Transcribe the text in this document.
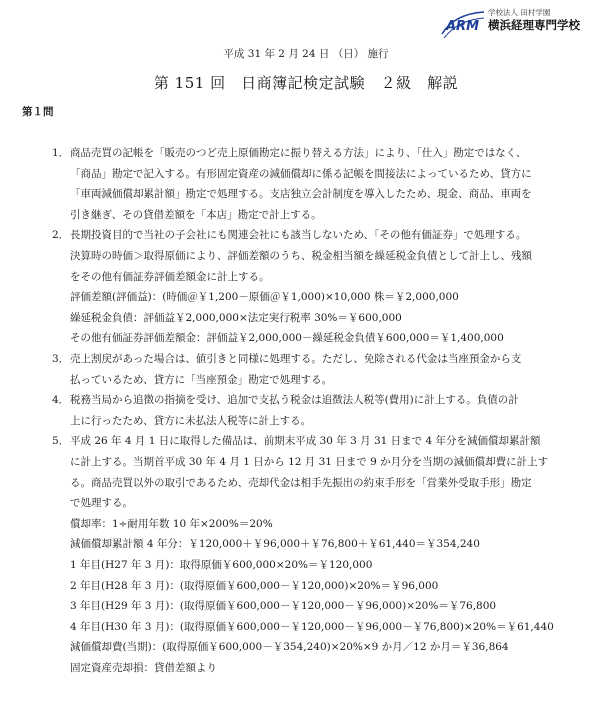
ARM
学校法人 田村学園
横浜経理専門学校
平成 31 年 2 月 24 日 （日） 施行
第 151 回　日商簿記検定試験　２級　解説
第１問
1．商品売買の記帳を「販売のつど売上原価勘定に振り替える方法」により、「仕入」勘定ではなく、
「商品」勘定で記入する。有形固定資産の減価償却に係る記帳を間接法によっているため、貸方に
「車両減価償却累計額」勘定で処理する。支店独立会計制度を導入したため、現金、商品、車両を
引き継ぎ、その貸借差額を「本店」勘定で計上する。
2．長期投資目的で当社の子会社にも関連会社にも該当しないため、「その他有価証券」で処理する。
決算時の時価＞取得原価により、評価差額のうち、税金相当額を繰延税金負債として計上し、残額
をその他有価証券評価差額金に計上する。
評価差額(評価益)：(時価＠￥1,200－原価＠￥1,000)×10,000 株＝￥2,000,000
繰延税金負債：評価益￥2,000,000×法定実行税率 30%＝￥600,000
その他有価証券評価差額金：評価益￥2,000,000－繰延税金負債￥600,000＝￥1,400,000
3．売上割戻があった場合は、値引きと同様に処理する。ただし、免除される代金は当座預金から支
払っているため、貸方に「当座預金」勘定で処理する。
4．税務当局から追徴の指摘を受け、追加で支払う税金は追徴法人税等(費用)に計上する。負債の計
上に行ったため、貸方に未払法人税等に計上する。
5．平成 26 年 4 月 1 日に取得した備品は、前期末平成 30 年 3 月 31 日まで 4 年分を減価償却累計額
に計上する。当期首平成 30 年 4 月 1 日から 12 月 31 日まで 9 か月分を当期の減価償却費に計上す
る。商品売買以外の取引であるため、売却代金は相手先振出の約束手形を「営業外受取手形」勘定
で処理する。
償却率：1÷耐用年数 10 年×200%＝20%
減価償却累計額 4 年分：￥120,000＋￥96,000＋￥76,800＋￥61,440＝￥354,240
1 年目(H27 年 3 月)：取得原価￥600,000×20%＝￥120,000
2 年目(H28 年 3 月)：(取得原価￥600,000－￥120,000)×20%＝￥96,000
3 年目(H29 年 3 月)：(取得原価￥600,000－￥120,000－￥96,000)×20%＝￥76,800
4 年目(H30 年 3 月)：(取得原価￥600,000－￥120,000－￥96,000－￥76,800)×20%＝￥61,440
減価償却費(当期)：(取得原価￥600,000－￥354,240)×20%×9 か月／12 か月＝￥36,864
固定資産売却損：貸借差額より
